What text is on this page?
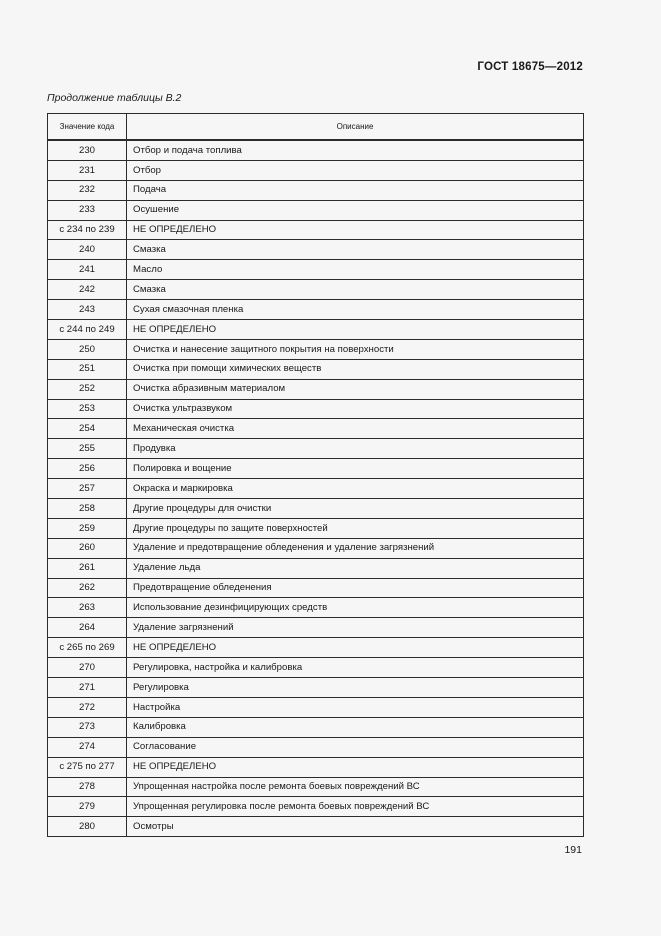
ГОСТ 18675—2012
Продолжение таблицы В.2
Значение кода	Описание
230	Отбор и подача топлива
231	Отбор
232	Подача
233	Осушение
с 234 по 239	НЕ ОПРЕДЕЛЕНО
240	Смазка
241	Масло
242	Смазка
243	Сухая смазочная пленка
с 244 по 249	НЕ ОПРЕДЕЛЕНО
250	Очистка и нанесение защитного покрытия на поверхности
251	Очистка при помощи химических веществ
252	Очистка абразивным материалом
253	Очистка ультразвуком
254	Механическая очистка
255	Продувка
256	Полировка и вощение
257	Окраска и маркировка
258	Другие процедуры для очистки
259	Другие процедуры по защите поверхностей
260	Удаление и предотвращение обледенения и удаление загрязнений
261	Удаление льда
262	Предотвращение обледенения
263	Использование дезинфицирующих средств
264	Удаление загрязнений
с 265 по 269	НЕ ОПРЕДЕЛЕНО
270	Регулировка, настройка и калибровка
271	Регулировка
272	Настройка
273	Калибровка
274	Согласование
с 275 по 277	НЕ ОПРЕДЕЛЕНО
278	Упрощенная настройка после ремонта боевых повреждений ВС
279	Упрощенная регулировка после ремонта боевых повреждений ВС
280	Осмотры
191
